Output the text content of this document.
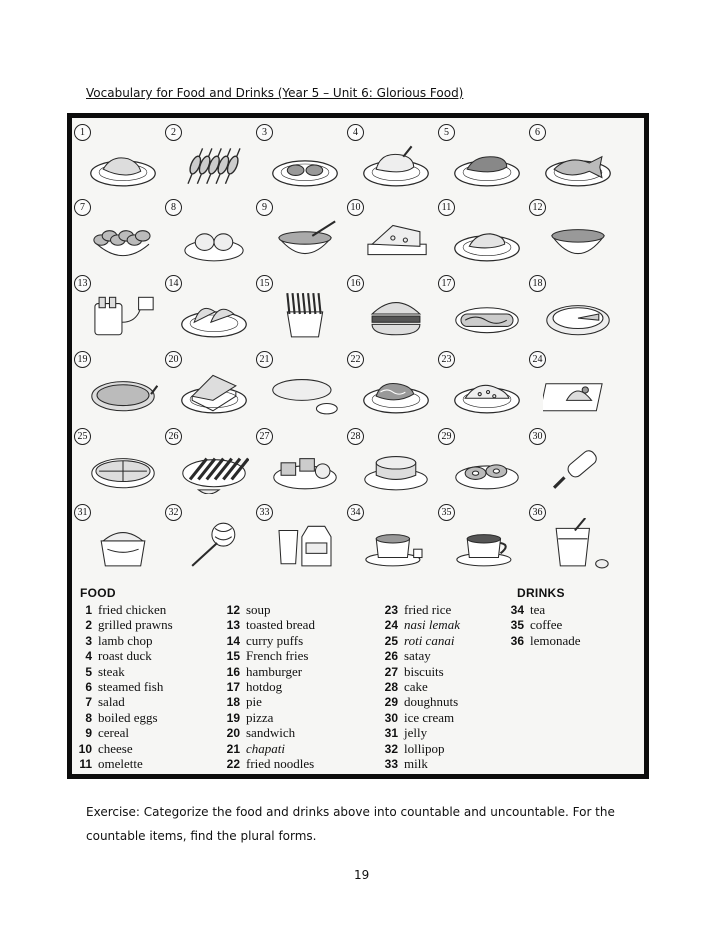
Vocabulary for Food and Drinks (Year 5 – Unit 6: Glorious Food)
1	2	3	4	5	6
7	8	9	10	11	12
13	14	15	16	17	18
19	20	21	22	23	24
25	26	27	28	29	30
31	32	33	34	35	36
FOOD	DRINKS
1 fried chicken
2 grilled prawns
3 lamb chop
4 roast duck
5 steak
6 steamed fish
7 salad
8 boiled eggs
9 cereal
10 cheese
11 omelette
12 soup
13 toasted bread
14 curry puffs
15 French fries
16 hamburger
17 hotdog
18 pie
19 pizza
20 sandwich
21 chapati
22 fried noodles
23 fried rice
24 nasi lemak
25 roti canai
26 satay
27 biscuits
28 cake
29 doughnuts
30 ice cream
31 jelly
32 lollipop
33 milk
34 tea
35 coffee
36 lemonade
Exercise: Categorize the food and drinks above into countable and uncountable. For the countable items, find the plural forms.
19
